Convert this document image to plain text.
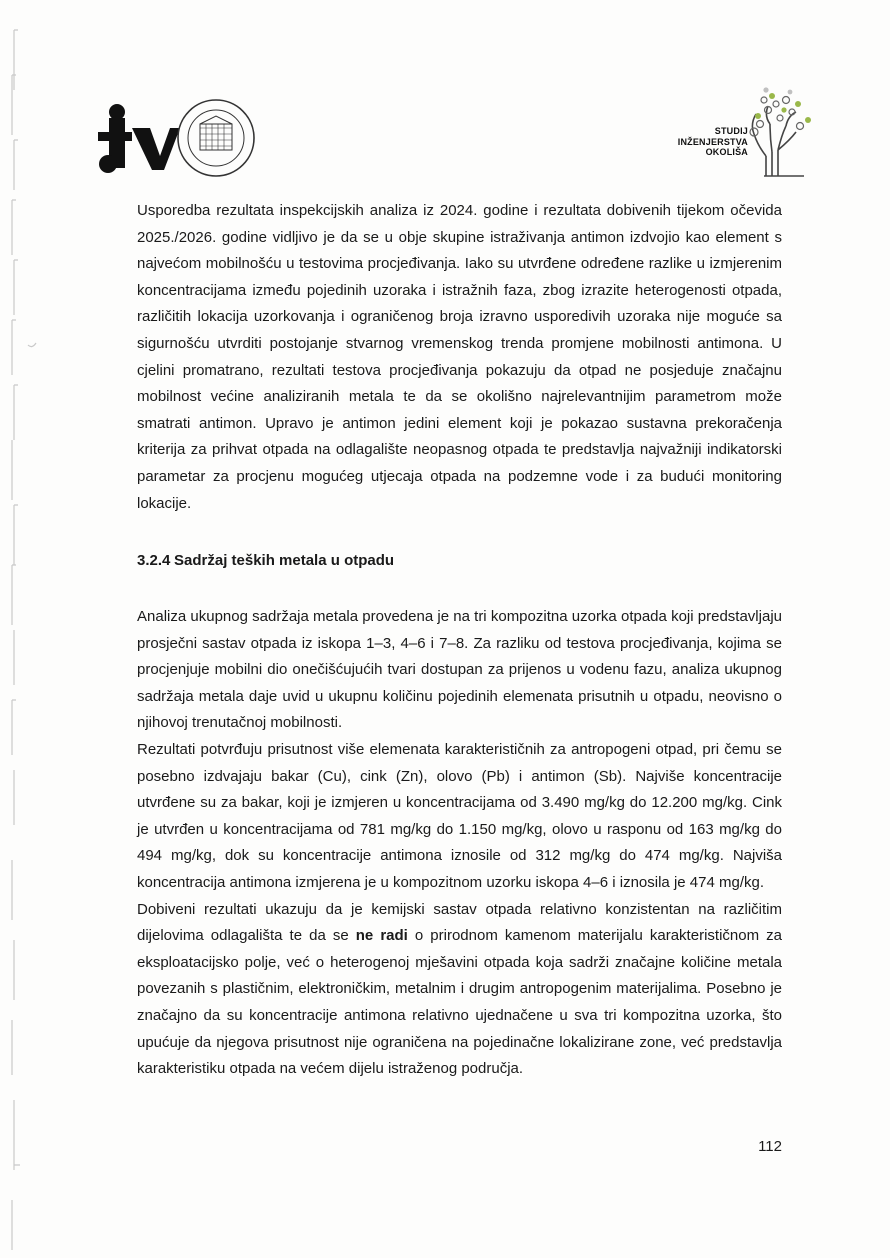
STUDIJ
INŽENJERSTVA
OKOLIŠA

Usporedba rezultata inspekcijskih analiza iz 2024. godine i rezultata dobivenih tijekom očevida 2025./2026. godine vidljivo je da se u obje skupine istraživanja antimon izdvojio kao element s najvećom mobilnošću u testovima procjeđivanja. Iako su utvrđene određene razlike u izmjerenim koncentracijama između pojedinih uzoraka i istražnih faza, zbog izrazite heterogenosti otpada, različitih lokacija uzorkovanja i ograničenog broja izravno usporedivih uzoraka nije moguće sa sigurnošću utvrditi postojanje stvarnog vremenskog trenda promjene mobilnosti antimona. U cjelini promatrano, rezultati testova procjeđivanja pokazuju da otpad ne posjeduje značajnu mobilnost većine analiziranih metala te da se okolišno najrelevantnijim parametrom može smatrati antimon. Upravo je antimon jedini element koji je pokazao sustavna prekoračenja kriterija za prihvat otpada na odlagalište neopasnog otpada te predstavlja najvažniji indikatorski parametar za procjenu mogućeg utjecaja otpada na podzemne vode i za budući monitoring lokacije.

3.2.4 Sadržaj teških metala u otpadu

Analiza ukupnog sadržaja metala provedena je na tri kompozitna uzorka otpada koji predstavljaju prosječni sastav otpada iz iskopa 1–3, 4–6 i 7–8. Za razliku od testova procjeđivanja, kojima se procjenjuje mobilni dio onečišćujućih tvari dostupan za prijenos u vodenu fazu, analiza ukupnog sadržaja metala daje uvid u ukupnu količinu pojedinih elemenata prisutnih u otpadu, neovisno o njihovoj trenutačnoj mobilnosti.

Rezultati potvrđuju prisutnost više elemenata karakterističnih za antropogeni otpad, pri čemu se posebno izdvajaju bakar (Cu), cink (Zn), olovo (Pb) i antimon (Sb). Najviše koncentracije utvrđene su za bakar, koji je izmjeren u koncentracijama od 3.490 mg/kg do 12.200 mg/kg. Cink je utvrđen u koncentracijama od 781 mg/kg do 1.150 mg/kg, olovo u rasponu od 163 mg/kg do 494 mg/kg, dok su koncentracije antimona iznosile od 312 mg/kg do 474 mg/kg. Najviša koncentracija antimona izmjerena je u kompozitnom uzorku iskopa 4–6 i iznosila je 474 mg/kg.

Dobiveni rezultati ukazuju da je kemijski sastav otpada relativno konzistentan na različitim dijelovima odlagališta te da se ne radi o prirodnom kamenom materijalu karakterističnom za eksploatacijsko polje, već o heterogenoj mješavini otpada koja sadrži značajne količine metala povezanih s plastičnim, elektroničkim, metalnim i drugim antropogenim materijalima. Posebno je značajno da su koncentracije antimona relativno ujednačene u sva tri kompozitna uzorka, što upućuje da njegova prisutnost nije ograničena na pojedinačne lokalizirane zone, već predstavlja karakteristiku otpada na većem dijelu istraženog područja.

112
